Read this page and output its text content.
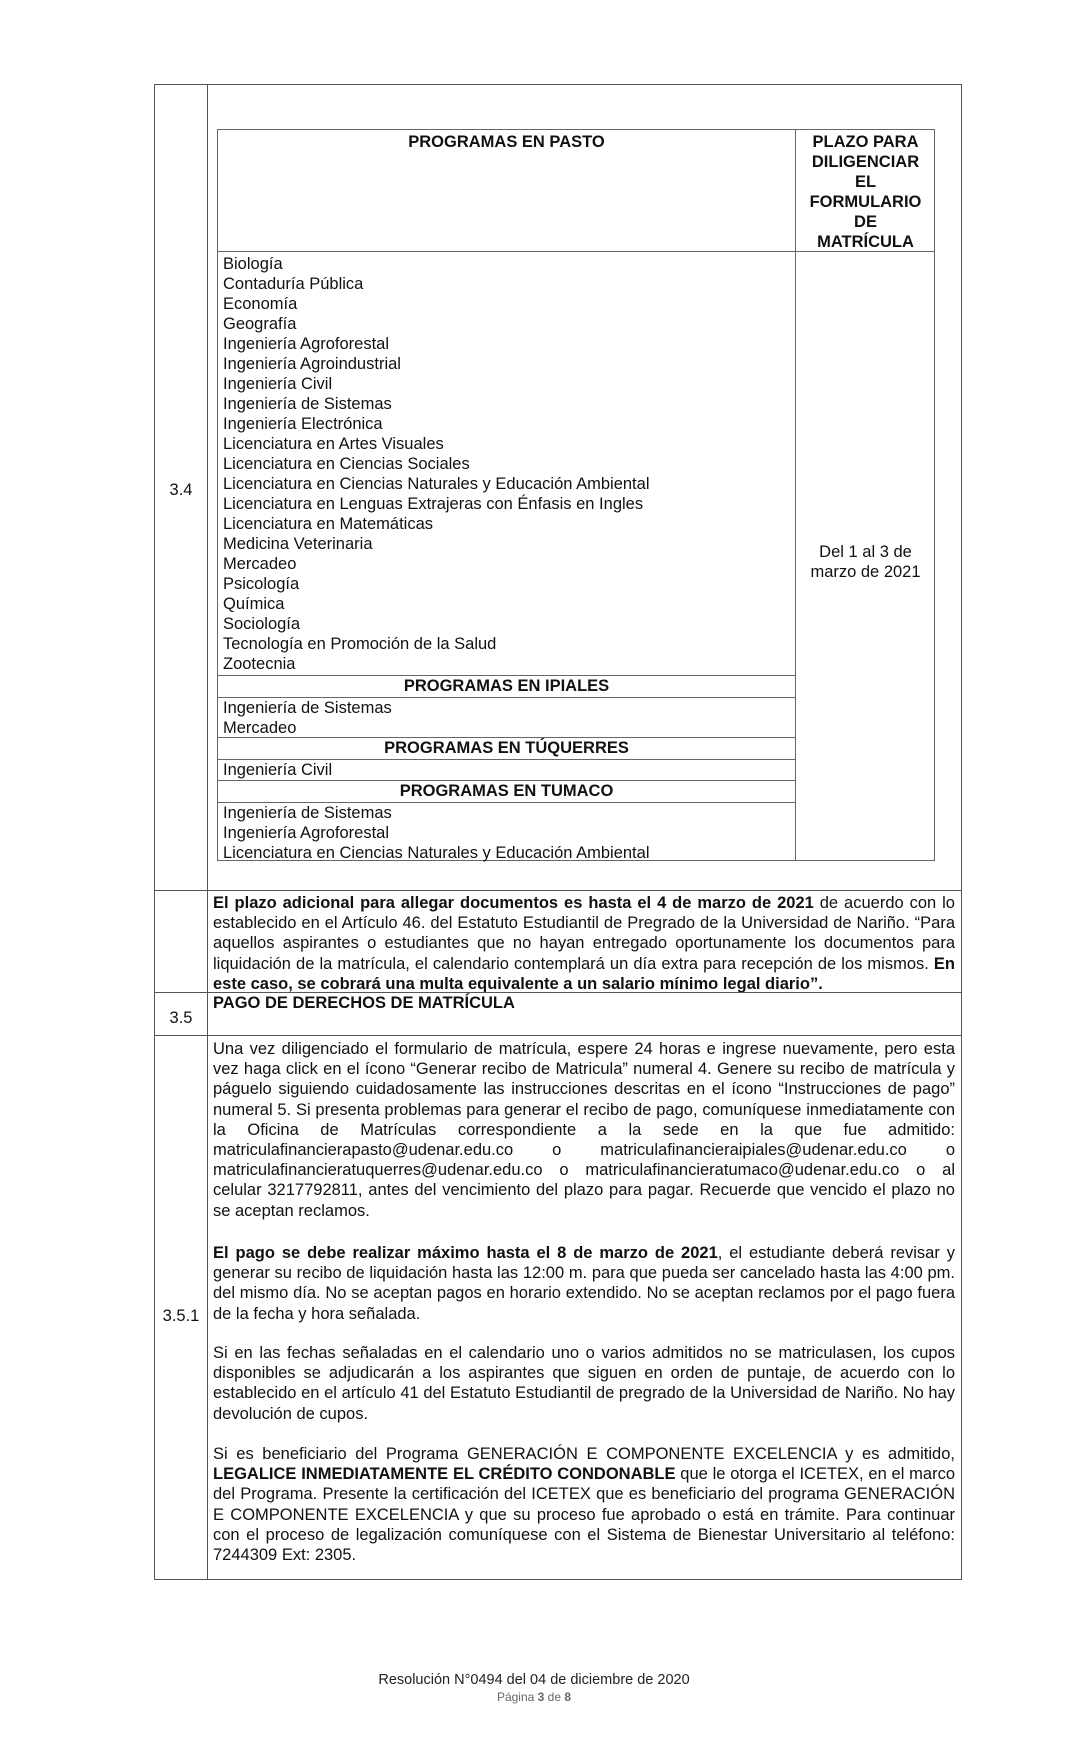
3.4
PROGRAMAS EN PASTO	PLAZO PARA
DILIGENCIAR
EL
FORMULARIO
DE
MATRÍCULA
Biología
Contaduría Pública
Economía
Geografía
Ingeniería Agroforestal
Ingeniería Agroindustrial
Ingeniería Civil
Ingeniería de Sistemas
Ingeniería Electrónica
Licenciatura en Artes Visuales
Licenciatura en Ciencias Sociales
Licenciatura en Ciencias Naturales y Educación Ambiental
Licenciatura en Lenguas Extrajeras con Énfasis en Ingles
Licenciatura en Matemáticas
Medicina Veterinaria
Mercadeo
Psicología
Química
Sociología
Tecnología en Promoción de la Salud
Zootecnia
PROGRAMAS EN IPIALES
Ingeniería de Sistemas
Mercadeo
PROGRAMAS EN TÚQUERRES
Ingeniería Civil
PROGRAMAS EN TUMACO
Ingeniería de Sistemas
Ingeniería Agroforestal
Licenciatura en Ciencias Naturales y Educación Ambiental
Del 1 al 3 de
marzo de 2021
El plazo adicional para allegar documentos es hasta el 4 de marzo de 2021 de acuerdo con lo establecido en el Artículo 46. del Estatuto Estudiantil de Pregrado de la Universidad de Nariño. “Para aquellos aspirantes o estudiantes que no hayan entregado oportunamente los documentos para liquidación de la matrícula, el calendario contemplará un día extra para recepción de los mismos. En este caso, se cobrará una multa equivalente a un salario mínimo legal diario”.
PAGO DE DERECHOS DE MATRÍCULA
3.5
3.5.1
Una vez diligenciado el formulario de matrícula, espere 24 horas e ingrese nuevamente, pero esta vez haga click en el ícono “Generar recibo de Matricula” numeral 4. Genere su recibo de matrícula y páguelo siguiendo cuidadosamente las instrucciones descritas en el ícono “Instrucciones de pago” numeral 5. Si presenta problemas para generar el recibo de pago, comuníquese inmediatamente con la Oficina de Matrículas correspondiente a la sede en la que fue admitido: matriculafinancierapasto@udenar.edu.co o matriculafinancieraipiales@udenar.edu.co o matriculafinancieratuquerres@udenar.edu.co o matriculafinancieratumaco@udenar.edu.co o al celular 3217792811, antes del vencimiento del plazo para pagar. Recuerde que vencido el plazo no se aceptan reclamos.
El pago se debe realizar máximo hasta el 8 de marzo de 2021, el estudiante deberá revisar y generar su recibo de liquidación hasta las 12:00 m. para que pueda ser cancelado hasta las 4:00 pm. del mismo día. No se aceptan pagos en horario extendido. No se aceptan reclamos por el pago fuera de la fecha y hora señalada.
Si en las fechas señaladas en el calendario uno o varios admitidos no se matriculasen, los cupos disponibles se adjudicarán a los aspirantes que siguen en orden de puntaje, de acuerdo con lo establecido en el artículo 41 del Estatuto Estudiantil de pregrado de la Universidad de Nariño. No hay devolución de cupos.
Si es beneficiario del Programa GENERACIÓN E COMPONENTE EXCELENCIA y es admitido, LEGALICE INMEDIATAMENTE EL CRÉDITO CONDONABLE que le otorga el ICETEX, en el marco del Programa. Presente la certificación del ICETEX que es beneficiario del programa GENERACIÓN E COMPONENTE EXCELENCIA y que su proceso fue aprobado o está en trámite. Para continuar con el proceso de legalización comuníquese con el Sistema de Bienestar Universitario al teléfono: 7244309 Ext: 2305.
Resolución N°0494 del 04 de diciembre de 2020
Página 3 de 8
